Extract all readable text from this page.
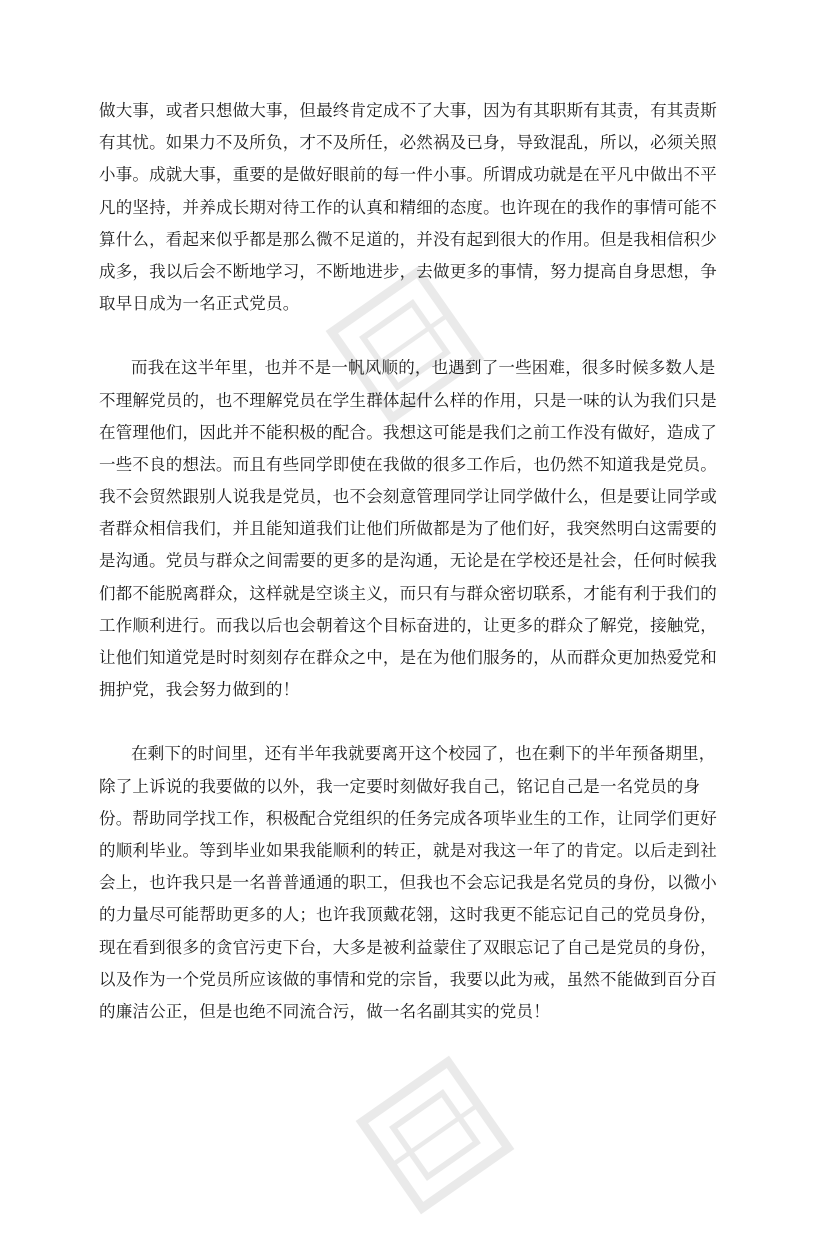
做大事，或者只想做大事，但最终肯定成不了大事，因为有其职斯有其责，有其责斯
有其忧。如果力不及所负，才不及所任，必然祸及已身，导致混乱，所以，必须关照
小事。成就大事，重要的是做好眼前的每一件小事。所谓成功就是在平凡中做出不平
凡的坚持，并养成长期对待工作的认真和精细的态度。也许现在的我作的事情可能不
算什么，看起来似乎都是那么微不足道的，并没有起到很大的作用。但是我相信积少
成多，我以后会不断地学习，不断地进步，去做更多的事情，努力提高自身思想，争
取早日成为一名正式党员。
而我在这半年里，也并不是一帆风顺的，也遇到了一些困难，很多时候多数人是
不理解党员的，也不理解党员在学生群体起什么样的作用，只是一味的认为我们只是
在管理他们，因此并不能积极的配合。我想这可能是我们之前工作没有做好，造成了
一些不良的想法。而且有些同学即使在我做的很多工作后，也仍然不知道我是党员。
我不会贸然跟别人说我是党员，也不会刻意管理同学让同学做什么，但是要让同学或
者群众相信我们，并且能知道我们让他们所做都是为了他们好，我突然明白这需要的
是沟通。党员与群众之间需要的更多的是沟通，无论是在学校还是社会，任何时候我
们都不能脱离群众，这样就是空谈主义，而只有与群众密切联系，才能有利于我们的
工作顺利进行。而我以后也会朝着这个目标奋进的，让更多的群众了解党，接触党，
让他们知道党是时时刻刻存在群众之中，是在为他们服务的，从而群众更加热爱党和
拥护党，我会努力做到的！
在剩下的时间里，还有半年我就要离开这个校园了，也在剩下的半年预备期里，
除了上诉说的我要做的以外，我一定要时刻做好我自己，铭记自己是一名党员的身
份。帮助同学找工作，积极配合党组织的任务完成各项毕业生的工作，让同学们更好
的顺利毕业。等到毕业如果我能顺利的转正，就是对我这一年了的肯定。以后走到社
会上，也许我只是一名普普通通的职工，但我也不会忘记我是名党员的身份，以微小
的力量尽可能帮助更多的人；也许我顶戴花翎，这时我更不能忘记自己的党员身份，
现在看到很多的贪官污吏下台，大多是被利益蒙住了双眼忘记了自己是党员的身份，
以及作为一个党员所应该做的事情和党的宗旨，我要以此为戒，虽然不能做到百分百
的廉洁公正，但是也绝不同流合污，做一名名副其实的党员！
